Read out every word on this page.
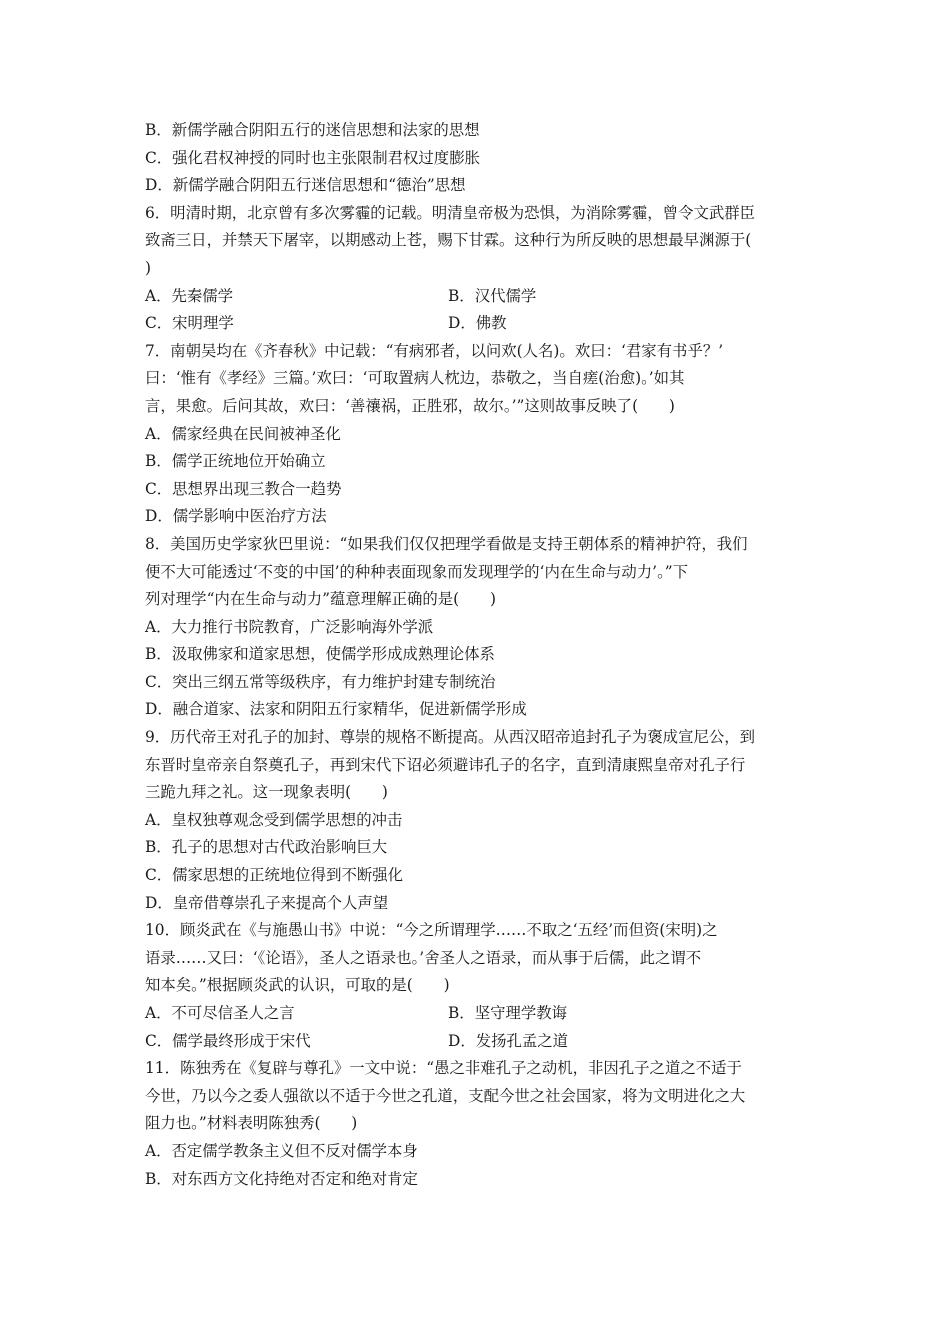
B．新儒学融合阴阳五行的迷信思想和法家的思想
C．强化君权神授的同时也主张限制君权过度膨胀
D．新儒学融合阴阳五行迷信思想和“德治”思想
6．明清时期，北京曾有多次雾霾的记载。明清皇帝极为恐惧，为消除雾霾，曾令文武群臣
致斋三日，并禁天下屠宰，以期感动上苍，赐下甘霖。这种行为所反映的思想最早渊源于(
)
A．先秦儒学	B．汉代儒学
C．宋明理学	D．佛教
7．南朝吴均在《齐春秋》中记载：“有病邪者，以问欢(人名)。欢曰：‘君家有书乎？’
曰：‘惟有《孝经》三篇。’欢曰：‘可取置病人枕边，恭敬之，当自瘥(治愈)。’如其
言，果愈。后问其故，欢曰：‘善禳祸，正胜邪，故尔。’”这则故事反映了(　　)
A．儒家经典在民间被神圣化
B．儒学正统地位开始确立
C．思想界出现三教合一趋势
D．儒学影响中医治疗方法
8．美国历史学家狄巴里说：“如果我们仅仅把理学看做是支持王朝体系的精神护符，我们
便不大可能透过‘不变的中国’的种种表面现象而发现理学的‘内在生命与动力’。”下
列对理学“内在生命与动力”蕴意理解正确的是(　　)
A．大力推行书院教育，广泛影响海外学派
B．汲取佛家和道家思想，使儒学形成成熟理论体系
C．突出三纲五常等级秩序，有力维护封建专制统治
D．融合道家、法家和阴阳五行家精华，促进新儒学形成
9．历代帝王对孔子的加封、尊崇的规格不断提高。从西汉昭帝追封孔子为褒成宣尼公，到
东晋时皇帝亲自祭奠孔子，再到宋代下诏必须避讳孔子的名字，直到清康熙皇帝对孔子行
三跪九拜之礼。这一现象表明(　　)
A．皇权独尊观念受到儒学思想的冲击
B．孔子的思想对古代政治影响巨大
C．儒家思想的正统地位得到不断强化
D．皇帝借尊崇孔子来提高个人声望
10．顾炎武在《与施愚山书》中说：“今之所谓理学……不取之‘五经’而但资(宋明)之
语录……又曰：‘《论语》，圣人之语录也。’舍圣人之语录，而从事于后儒，此之谓不
知本矣。”根据顾炎武的认识，可取的是(　　)
A．不可尽信圣人之言	B．坚守理学教诲
C．儒学最终形成于宋代	D．发扬孔孟之道
11．陈独秀在《复辟与尊孔》一文中说：“愚之非难孔子之动机，非因孔子之道之不适于
今世，乃以今之委人强欲以不适于今世之孔道，支配今世之社会国家，将为文明进化之大
阻力也。”材料表明陈独秀(　　)
A．否定儒学教条主义但不反对儒学本身
B．对东西方文化持绝对否定和绝对肯定
